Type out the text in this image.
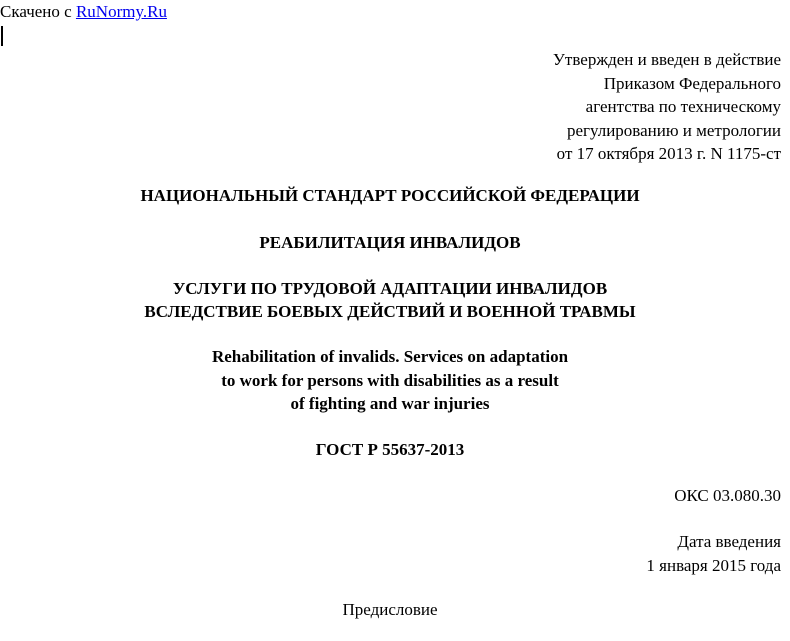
Скачено с RuNormy.Ru
Утвержден и введен в действие
Приказом Федерального
агентства по техническому
регулированию и метрологии
от 17 октября 2013 г. N 1175-ст
НАЦИОНАЛЬНЫЙ СТАНДАРТ РОССИЙСКОЙ ФЕДЕРАЦИИ
РЕАБИЛИТАЦИЯ ИНВАЛИДОВ
УСЛУГИ ПО ТРУДОВОЙ АДАПТАЦИИ ИНВАЛИДОВ
ВСЛЕДСТВИЕ БОЕВЫХ ДЕЙСТВИЙ И ВОЕННОЙ ТРАВМЫ
Rehabilitation of invalids. Services on adaptation
to work for persons with disabilities as a result
of fighting and war injuries
ГОСТ Р 55637-2013
ОКС 03.080.30
Дата введения
1 января 2015 года
Предисловие
